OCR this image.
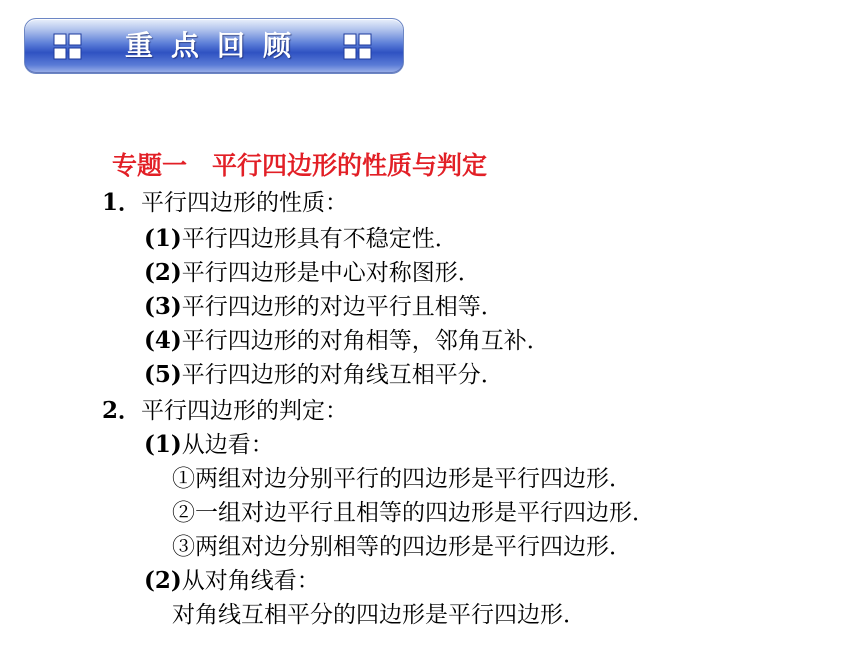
重点回顾
专题一　平行四边形的性质与判定
1．平行四边形的性质：
(1)平行四边形具有不稳定性．
(2)平行四边形是中心对称图形．
(3)平行四边形的对边平行且相等．
(4)平行四边形的对角相等，邻角互补．
(5)平行四边形的对角线互相平分．
2．平行四边形的判定：
(1)从边看：
①两组对边分别平行的四边形是平行四边形．
②一组对边平行且相等的四边形是平行四边形．
③两组对边分别相等的四边形是平行四边形．
(2)从对角线看：
对角线互相平分的四边形是平行四边形．
